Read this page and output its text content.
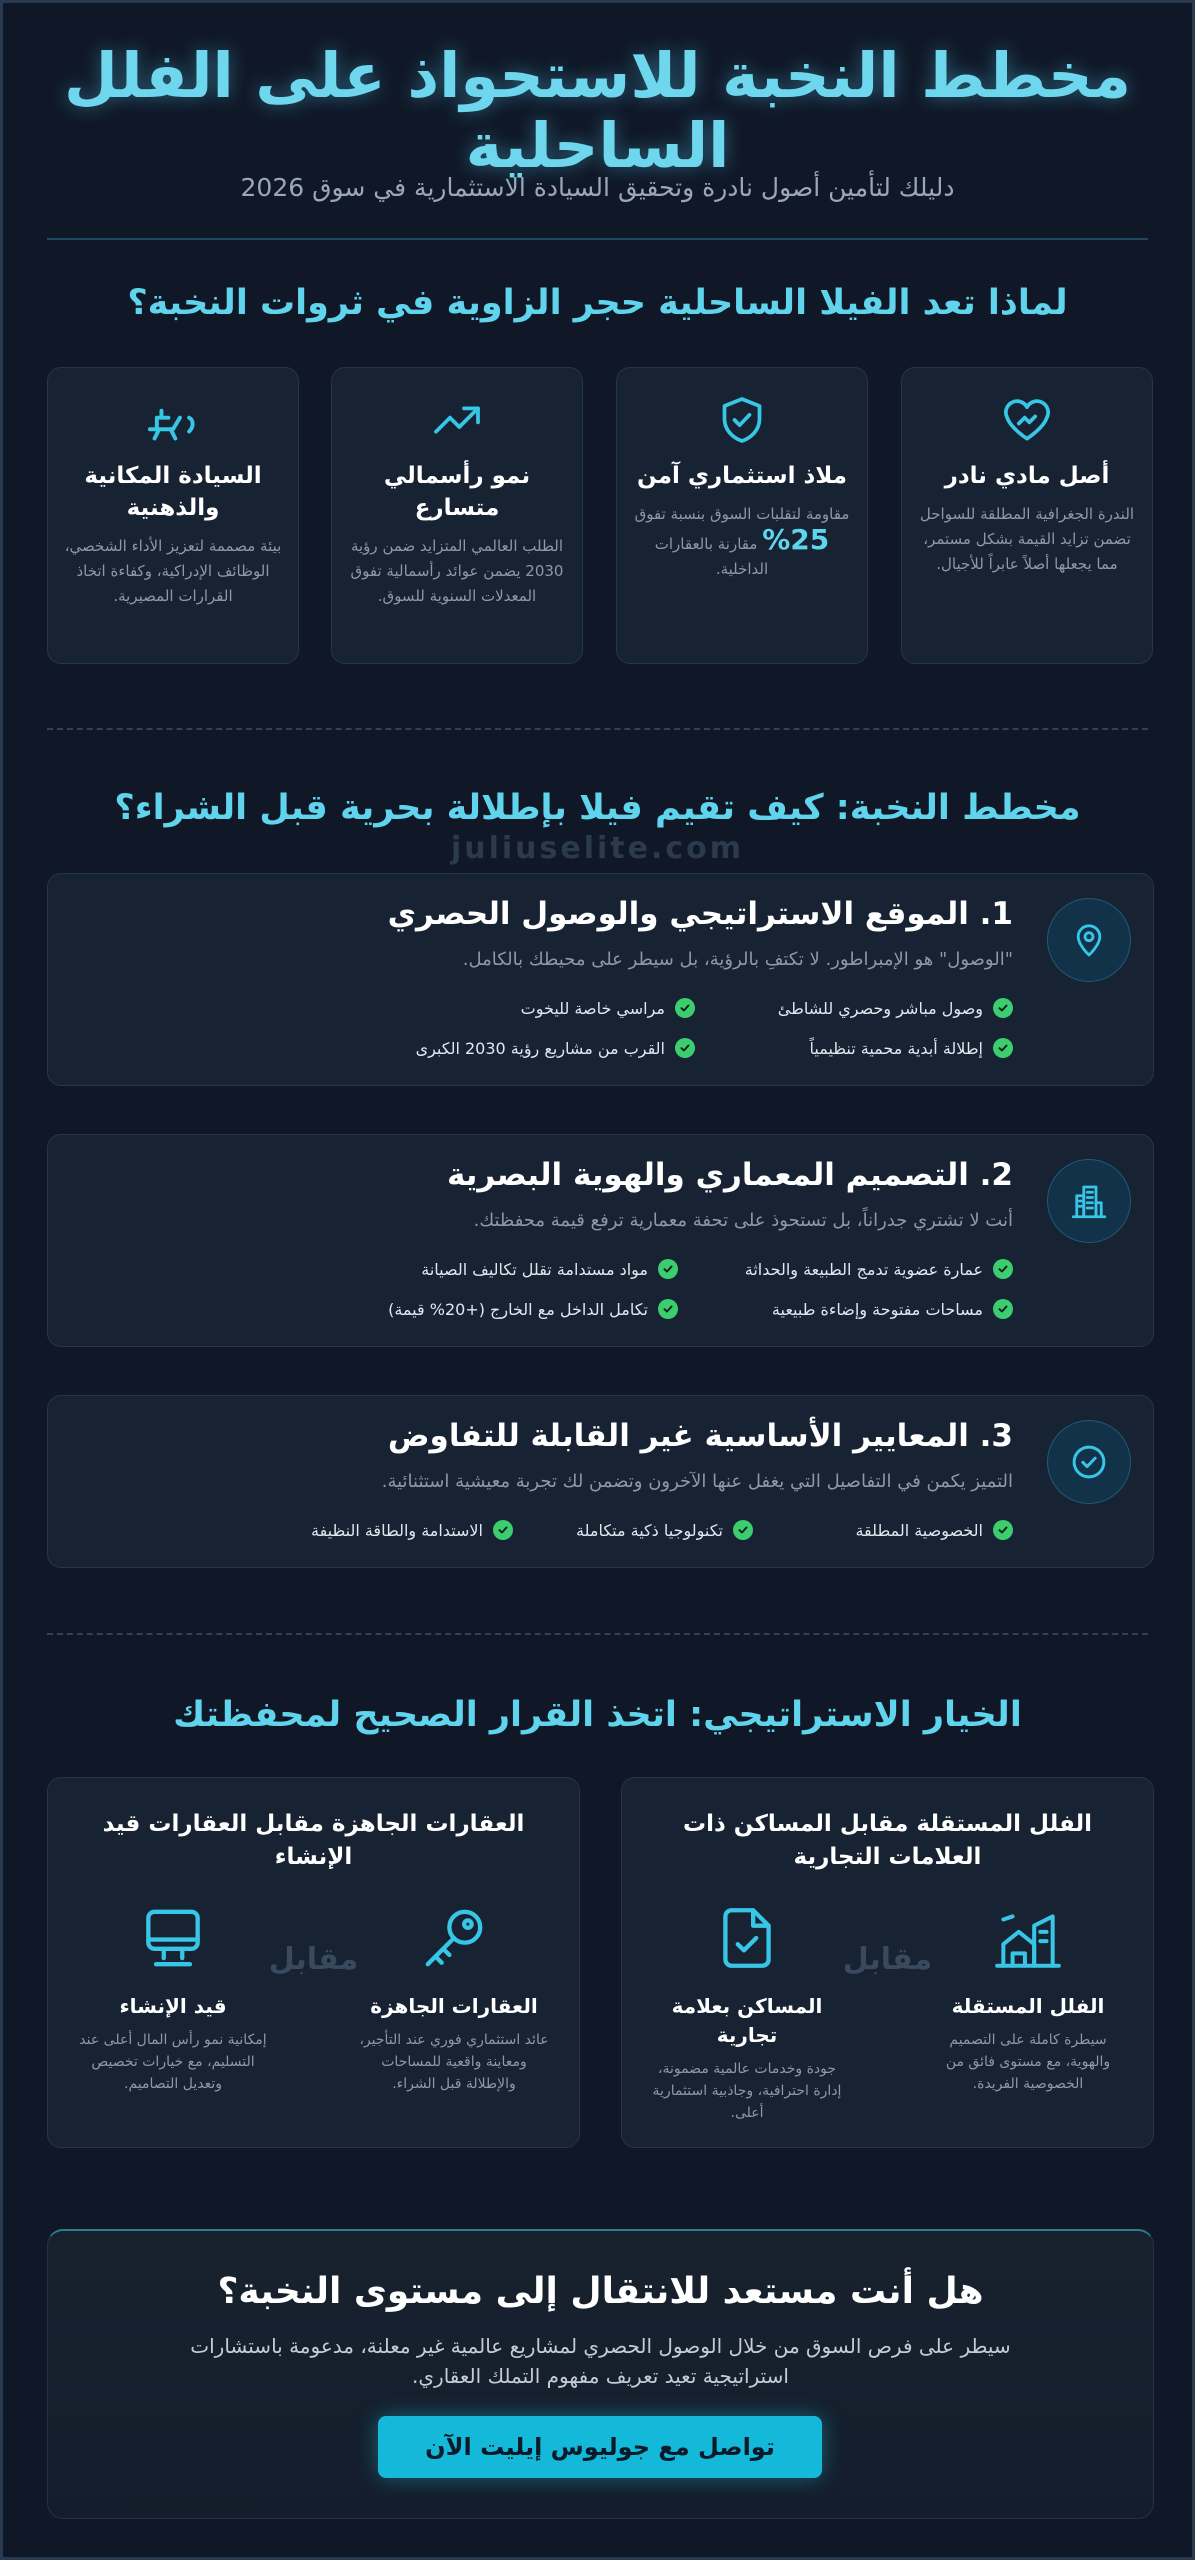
مخطط النخبة للاستحواذ على الفلل الساحلية
دليلك لتأمين أصول نادرة وتحقيق السيادة الاستثمارية في سوق 2026
لماذا تعد الفيلا الساحلية حجر الزاوية في ثروات النخبة؟
أصل مادي نادر

الندرة الجغرافية المطلقة للسواحل تضمن تزايد القيمة بشكل مستمر، مما يجعلها أصلاً عابراً للأجيال.

ملاذ استثماري آمن

مقاومة لتقلبات السوق بنسبة تفوق 25% مقارنة بالعقارات الداخلية.

نمو رأسمالي متسارع

الطلب العالمي المتزايد ضمن رؤية 2030 يضمن عوائد رأسمالية تفوق المعدلات السنوية للسوق.

السيادة المكانية والذهنية

بيئة مصممة لتعزيز الأداء الشخصي، الوظائف الإدراكية، وكفاءة اتخاذ القرارات المصيرية.

مخطط النخبة: كيف تقيم فيلا بإطلالة بحرية قبل الشراء؟
juliuselite.com
1. الموقع الاستراتيجي والوصول الحصري
"الوصول" هو الإمبراطور. لا تكتفِ بالرؤية، بل سيطر على محيطك بالكامل.
وصول مباشر وحصري للشاطئ
مراسي خاصة لليخوت
إطلالة أبدية محمية تنظيمياً
القرب من مشاريع رؤية 2030 الكبرى
2. التصميم المعماري والهوية البصرية
أنت لا تشتري جدراناً، بل تستحوذ على تحفة معمارية ترفع قيمة محفظتك.
عمارة عضوية تدمج الطبيعة والحداثة
مواد مستدامة تقلل تكاليف الصيانة
مساحات مفتوحة وإضاءة طبيعية
تكامل الداخل مع الخارج (+20% قيمة)
3. المعايير الأساسية غير القابلة للتفاوض
التميز يكمن في التفاصيل التي يغفل عنها الآخرون وتضمن لك تجربة معيشية استثنائية.
الخصوصية المطلقة
تكنولوجيا ذكية متكاملة
الاستدامة والطاقة النظيفة
الخيار الاستراتيجي: اتخذ القرار الصحيح لمحفظتك
الفلل المستقلة مقابل المساكن ذات العلامات التجارية
الفلل المستقلة

سيطرة كاملة على التصميم والهوية، مع مستوى فائق من الخصوصية الفريدة.

مقابل
المساكن بعلامة تجارية

جودة وخدمات عالمية مضمونة، إدارة احترافية، وجاذبية استثمارية أعلى.

العقارات الجاهزة مقابل العقارات قيد الإنشاء
العقارات الجاهزة

عائد استثماري فوري عند التأجير، ومعاينة واقعية للمساحات والإطلالة قبل الشراء.

مقابل
قيد الإنشاء

إمكانية نمو رأس المال أعلى عند التسليم، مع خيارات تخصيص وتعديل التصاميم.

هل أنت مستعد للانتقال إلى مستوى النخبة؟
سيطر على فرص السوق من خلال الوصول الحصري لمشاريع عالمية غير معلنة، مدعومة باستشارات استراتيجية تعيد تعريف مفهوم التملك العقاري.
تواصل مع جوليوس إيليت الآن
